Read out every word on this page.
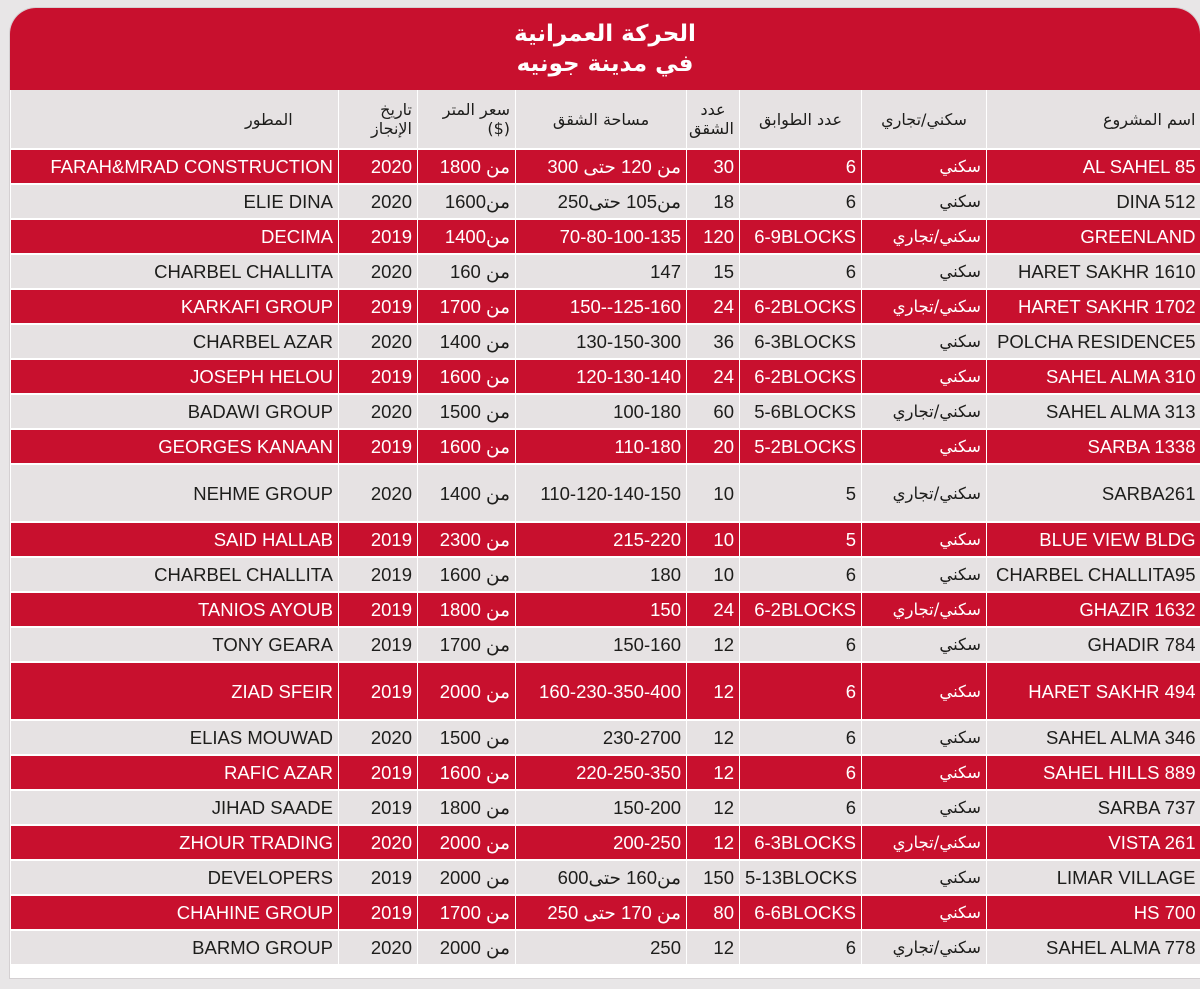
الحركة العمرانية
في مدينة جونيه
اسم المشروع	سكني/تجاري	عدد الطوابق	عدد الشقق	مساحة الشقق	سعر المتر ($)	تاريخ الإنجاز	المطور
AL SAHEL 85	سكني	6	30	من 120 حتى 300	من 1800	2020	FARAH&MRAD CONSTRUCTION
DINA 512	سكني	6	18	من105 حتى250	من1600	2020	ELIE DINA
GREENLAND	سكني/تجاري	6-9BLOCKS	120	70-80-100-135	من1400	2019	DECIMA
HARET SAKHR 1610	سكني	6	15	147	من 160	2020	CHARBEL CHALLITA
HARET SAKHR 1702	سكني/تجاري	6-2BLOCKS	24	150--125-160	من 1700	2019	KARKAFI GROUP
POLCHA RESIDENCE5	سكني	6-3BLOCKS	36	130-150-300	من 1400	2020	CHARBEL AZAR
SAHEL ALMA 310	سكني	6-2BLOCKS	24	120-130-140	من 1600	2019	JOSEPH HELOU
SAHEL ALMA 313	سكني/تجاري	5-6BLOCKS	60	100-180	من 1500	2020	BADAWI GROUP
SARBA 1338	سكني	5-2BLOCKS	20	110-180	من 1600	2019	GEORGES KANAAN
SARBA261	سكني/تجاري	5	10	110-120-140-150	من 1400	2020	NEHME GROUP
BLUE VIEW BLDG	سكني	5	10	215-220	من 2300	2019	SAID HALLAB
CHARBEL CHALLITA95	سكني	6	10	180	من 1600	2019	CHARBEL CHALLITA
GHAZIR 1632	سكني/تجاري	6-2BLOCKS	24	150	من 1800	2019	TANIOS AYOUB
GHADIR 784	سكني	6	12	150-160	من 1700	2019	TONY GEARA
HARET SAKHR 494	سكني	6	12	160-230-350-400	من 2000	2019	ZIAD SFEIR
SAHEL ALMA 346	سكني	6	12	230-2700	من 1500	2020	ELIAS MOUWAD
SAHEL HILLS 889	سكني	6	12	220-250-350	من 1600	2019	RAFIC AZAR
SARBA 737	سكني	6	12	150-200	من 1800	2019	JIHAD SAADE
VISTA 261	سكني/تجاري	6-3BLOCKS	12	200-250	من 2000	2020	ZHOUR TRADING
LIMAR VILLAGE	سكني	5-13BLOCKS	150	من160 حتى600	من 2000	2019	DEVELOPERS
HS 700	سكني	6-6BLOCKS	80	من 170 حتى 250	من 1700	2019	CHAHINE GROUP
SAHEL ALMA 778	سكني/تجاري	6	12	250	من 2000	2020	BARMO GROUP
